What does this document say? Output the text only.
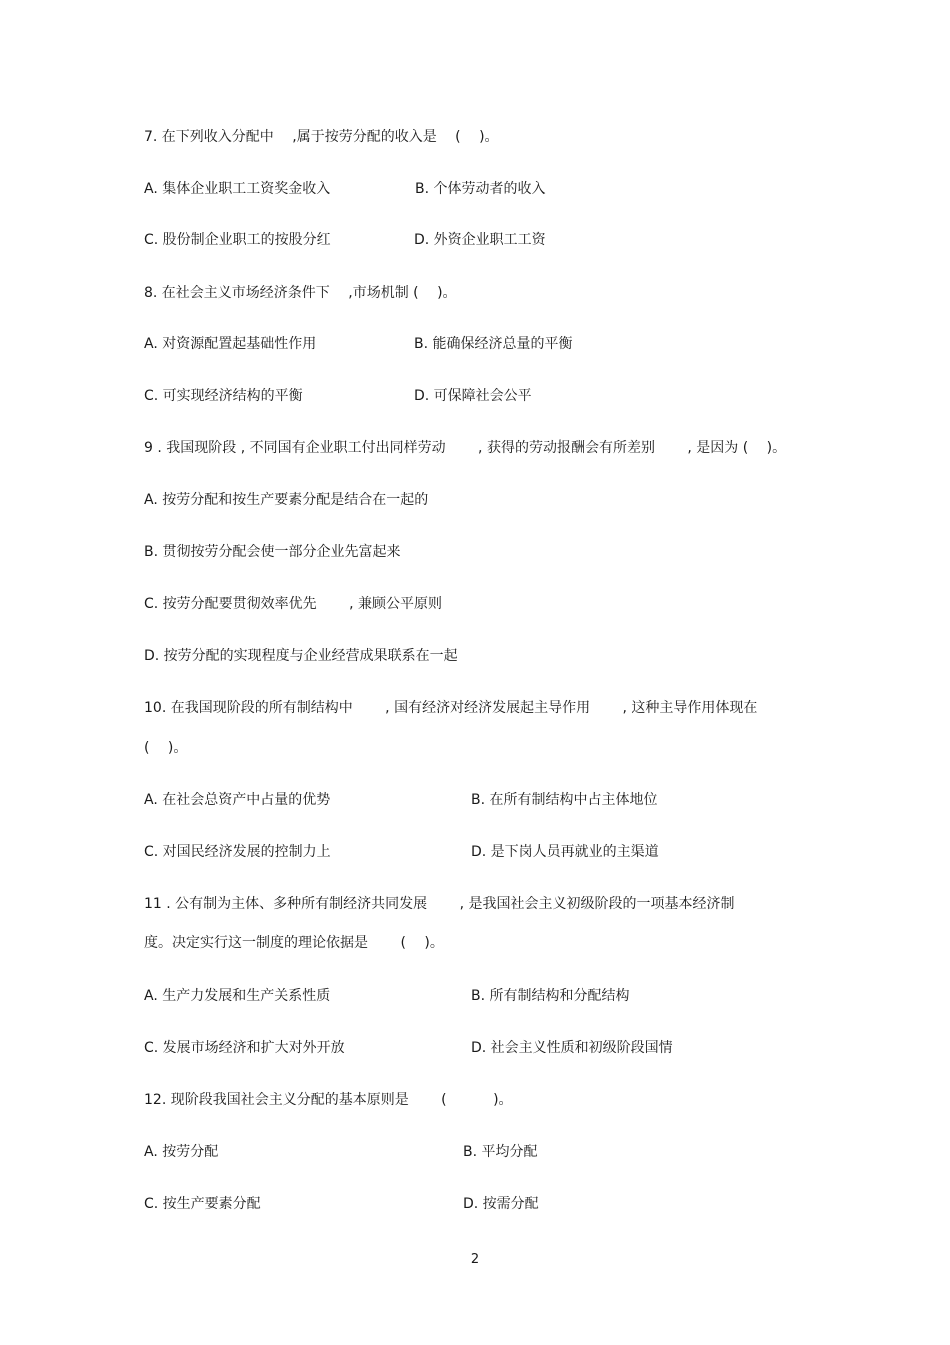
7. 在下列收入分配中　 ,属于按劳分配的收入是　 (　 )。
A. 集体企业职工工资奖金收入	B. 个体劳动者的收入
C. 股份制企业职工的按股分红	D. 外资企业职工工资
8. 在社会主义市场经济条件下　 ,市场机制 (　 )。
A. 对资源配置起基础性作用	B. 能确保经济总量的平衡
C. 可实现经济结构的平衡	D. 可保障社会公平
9 . 我国现阶段 , 不同国有企业职工付出同样劳动　　 , 获得的劳动报酬会有所差别　　 , 是因为 (　 )。
A. 按劳分配和按生产要素分配是结合在一起的
B. 贯彻按劳分配会使一部分企业先富起来
C. 按劳分配要贯彻效率优先　　 , 兼顾公平原则
D. 按劳分配的实现程度与企业经营成果联系在一起
10. 在我国现阶段的所有制结构中　　 , 国有经济对经济发展起主导作用　　 , 这种主导作用体现在
(　 )。
A. 在社会总资产中占量的优势	B. 在所有制结构中占主体地位
C. 对国民经济发展的控制力上	D. 是下岗人员再就业的主渠道
11 . 公有制为主体、多种所有制经济共同发展　　 , 是我国社会主义初级阶段的一项基本经济制
度。决定实行这一制度的理论依据是　　 (　 )。
A. 生产力发展和生产关系性质	B. 所有制结构和分配结构
C. 发展市场经济和扩大对外开放	D. 社会主义性质和初级阶段国情
12. 现阶段我国社会主义分配的基本原则是　　 (　　　 )。
A. 按劳分配	B. 平均分配
C. 按生产要素分配	D. 按需分配
2
